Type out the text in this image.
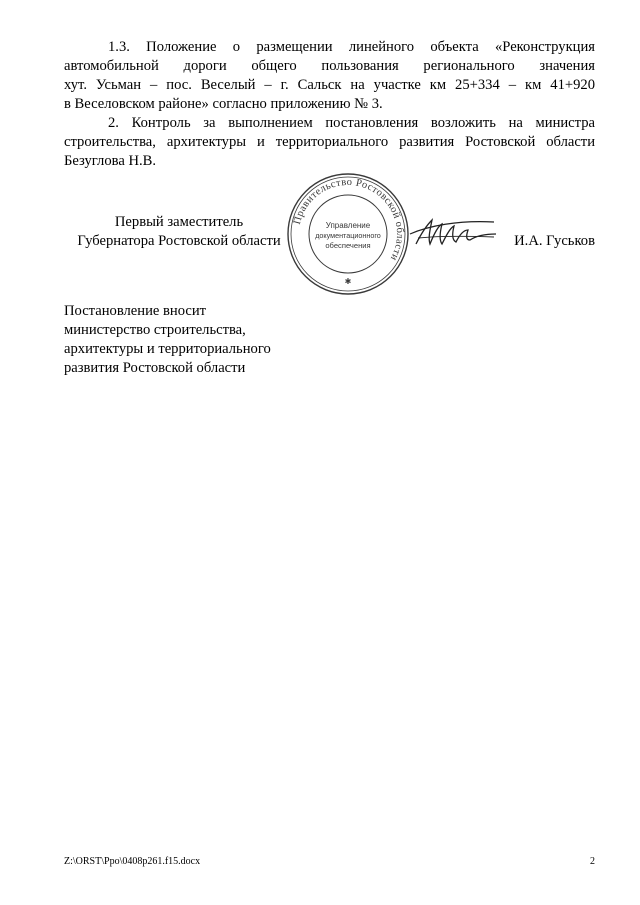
1.3. Положение о размещении линейного объекта «Реконструкция
автомобильной дороги общего пользования регионального значения
хут. Усьман – пос. Веселый – г. Сальск на участке км 25+334 – км 41+920
в Веселовском районе» согласно приложению № 3.
2. Контроль за выполнением постановления возложить на министра
строительства, архитектуры и территориального развития Ростовской области
Безуглова Н.В.
Первый заместитель
Губернатора Ростовской области
Правительство Ростовской области
Управление
документационного
обеспечения
✱
И.А. Гуськов
Постановление вносит
министерство строительства,
архитектуры и территориального
развития Ростовской области
Z:\ORST\Ppo\0408p261.f15.docx	2
